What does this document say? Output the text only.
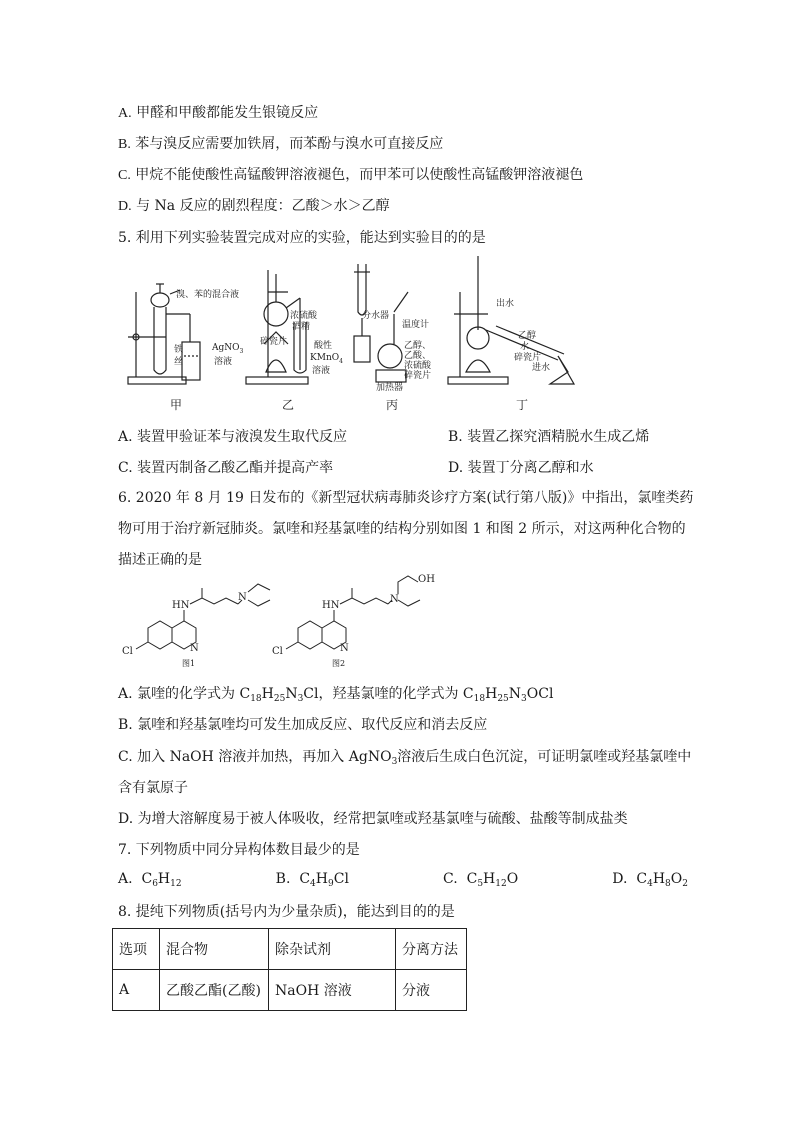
A. 甲醛和甲酸都能发生银镜反应
B. 苯与溴反应需要加铁屑，而苯酚与溴水可直接反应
C. 甲烷不能使酸性高锰酸钾溶液褪色，而甲苯可以使酸性高锰酸钾溶液褪色
D. 与 Na 反应的剧烈程度：乙酸＞水＞乙醇
5. 利用下列实验装置完成对应的实验，能达到实验目的的是
溴、苯的混合液
铁
丝
AgNO$_3$
溶液
甲
浓硫酸
酒精
碎瓷片	酸性
KMnO$_4$
溶液
乙
分水器
温度计
乙醇、
乙酸、
浓硫酸
碎瓷片
加热器
丙
出水
乙醇
水
碎瓷片
进水
丁
A. 装置甲验证苯与液溴发生取代反应	B. 装置乙探究酒精脱水生成乙烯
C. 装置丙制备乙酸乙酯并提高产率	D. 装置丁分离乙醇和水
6. 2020 年 8 月 19 日发布的《新型冠状病毒肺炎诊疗方案(试行第八版)》中指出，氯喹类药
物可用于治疗新冠肺炎。氯喹和羟基氯喹的结构分别如图 1 和图 2 所示，对这两种化合物的
描述正确的是
HN
N
N
Cl
图1
HN
N
N
Cl
OH
图2
A. 氯喹的化学式为 $C_{18}H_{25}N_3Cl$，羟基氯喹的化学式为 $C_{18}H_{25}N_3OCl$
B. 氯喹和羟基氯喹均可发生加成反应、取代反应和消去反应
C. 加入 NaOH 溶液并加热，再加入 AgNO$_3$溶液后生成白色沉淀，可证明氯喹或羟基氯喹中
含有氯原子
D. 为增大溶解度易于被人体吸收，经常把氯喹或羟基氯喹与硫酸、盐酸等制成盐类
7. 下列物质中同分异构体数目最少的是
A. $C_6H_{12}$	B. $C_4H_9Cl$	C. $C_5H_{12}O$	D. $C_4H_8O_2$
8. 提纯下列物质(括号内为少量杂质)，能达到目的的是
选项	混合物	除杂试剂	分离方法
A	乙酸乙酯(乙酸)	NaOH 溶液	分液
